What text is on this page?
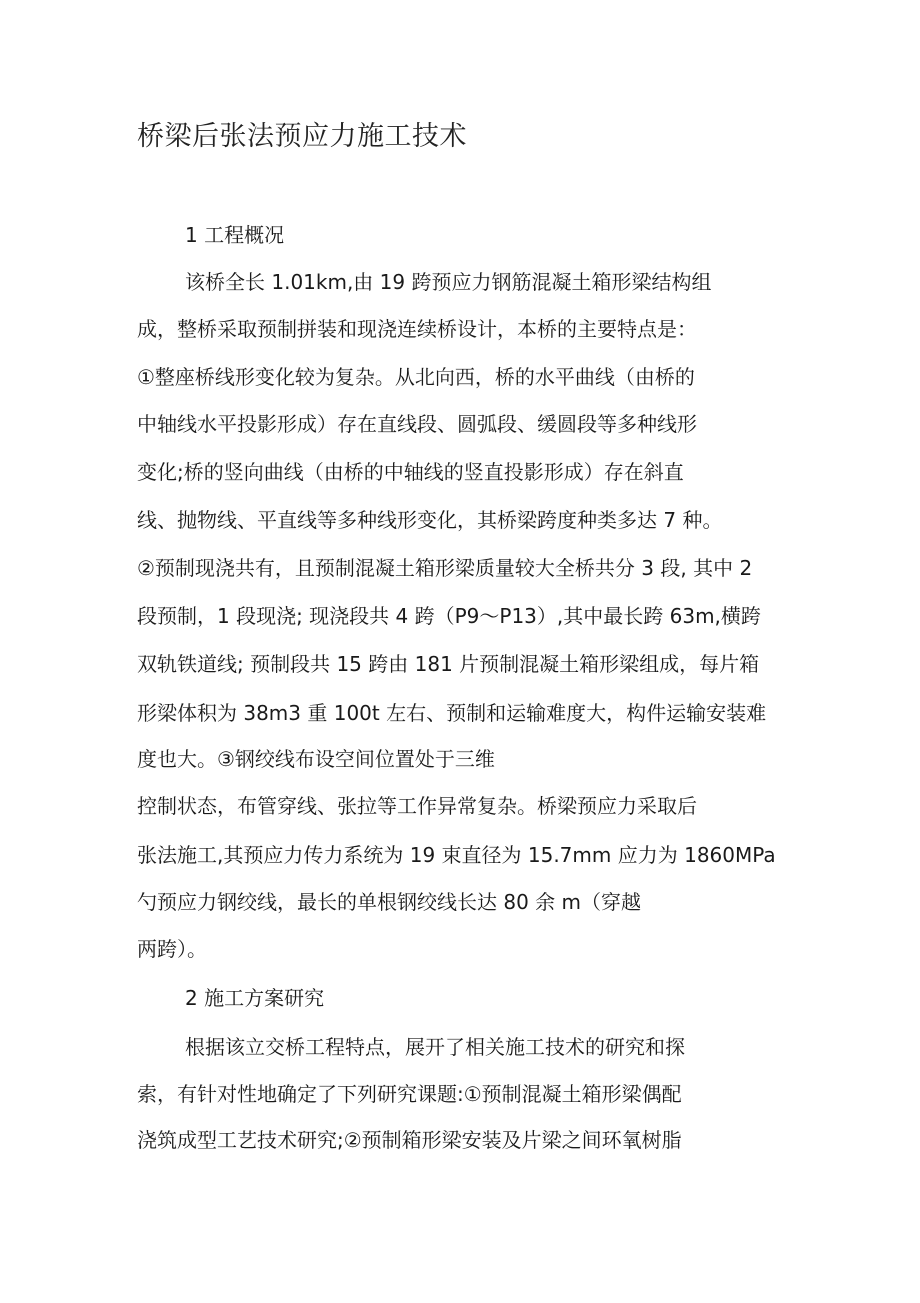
桥梁后张法预应力施工技术
1 工程概况
该桥全长 1.01km,由 19 跨预应力钢筋混凝土箱形梁结构组
成，整桥采取预制拼装和现浇连续桥设计，本桥的主要特点是：
①整座桥线形变化较为复杂。从北向西，桥的水平曲线（由桥的
中轴线水平投影形成）存在直线段、圆弧段、缓圆段等多种线形
变化;桥的竖向曲线（由桥的中轴线的竖直投影形成）存在斜直
线、抛物线、平直线等多种线形变化，其桥梁跨度种类多达 7 种。
②预制现浇共有，且预制混凝土箱形梁质量较大全桥共分 3 段, 其中 2
段预制，1 段现浇; 现浇段共 4 跨（P9～P13）,其中最长跨 63m,横跨
双轨铁道线; 预制段共 15 跨由 181 片预制混凝土箱形梁组成，每片箱
形梁体积为 38m3 重 100t 左右、预制和运输难度大，构件运输安装难
度也大。③钢绞线布设空间位置处于三维
控制状态，布管穿线、张拉等工作异常复杂。桥梁预应力采取后
张法施工,其预应力传力系统为 19 束直径为 15.7mm 应力为 1860MPa
勺预应力钢绞线，最长的单根钢绞线长达 80 余 m（穿越
两跨）。
2 施工方案研究
根据该立交桥工程特点，展开了相关施工技术的研究和探
索，有针对性地确定了下列研究课题:①预制混凝土箱形梁偶配
浇筑成型工艺技术研究;②预制箱形梁安装及片梁之间环氧树脂
